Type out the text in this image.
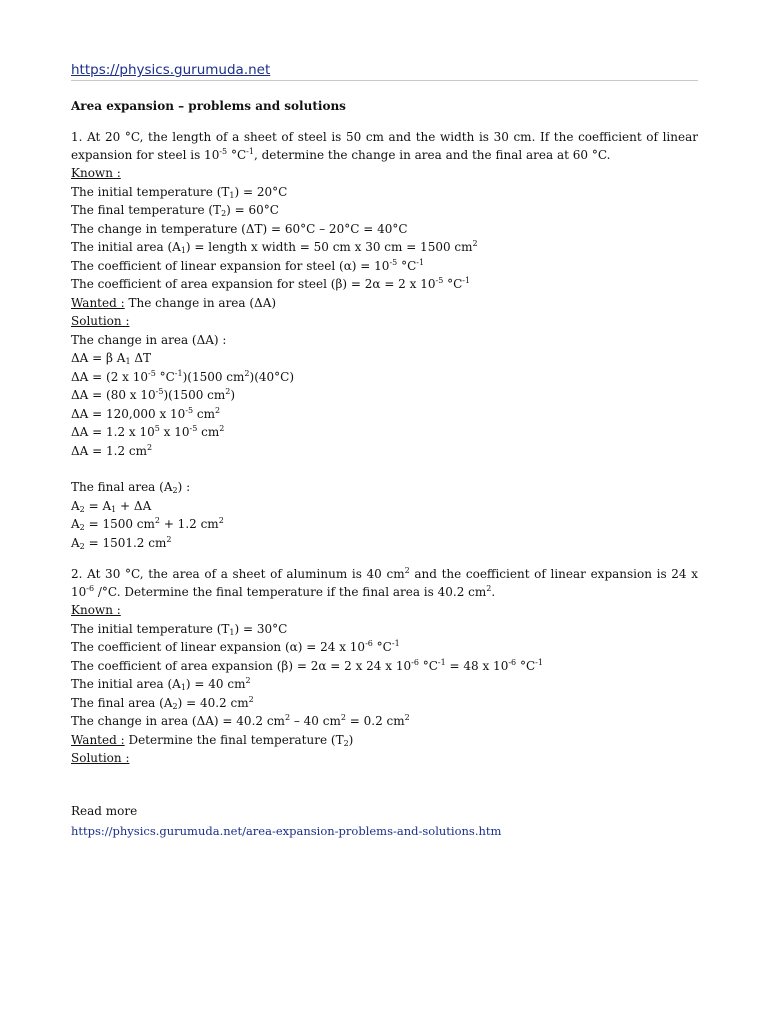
https://physics.gurumuda.net
Area expansion – problems and solutions
1. At 20 °C, the length of a sheet of steel is 50 cm and the width is 30 cm. If the coefficient of linear expansion for steel is $10^{-5}$ $^\circ C^{-1}$, determine the change in area and the final area at 60 °C.
Known :
The initial temperature $(T_1) = 20^\circ C$
The final temperature $(T_2) = 60^\circ C$
The change in temperature (ΔT) = 60°C – 20°C = 40°C
The initial area $(A_1)$ = length x width = 50 cm x 30 cm = 1500 $cm^2$
The coefficient of linear expansion for steel $(\alpha) = 10^{-5}$ $^\circ C^{-1}$
The coefficient of area expansion for steel (β) = 2α = 2 x $10^{-5}$ $^\circ C^{-1}$
Wanted : The change in area (ΔA)
Solution :
The change in area (ΔA) :
ΔA = β $A_1$ ΔT
ΔA = (2 x $10^{-5}$ $^\circ C^{-1})(1500$ $cm^2)(40^\circ C)$
ΔA = (80 x $10^{-5})(1500$ $cm^2$)
ΔA = 120,000 x $10^{-5}$ $cm^2$
ΔA = 1.2 x $10^5$ x $10^{-5}$ $cm^2$
ΔA = 1.2 $cm^2$
The final area $(A_2)$ :
$A_2 = A_1 + \Delta A$
$A_2 = 1500$ $cm^2 + 1.2$ $cm^2$
$A_2 = 1501.2$ $cm^2$
2. At 30 °C, the area of a sheet of aluminum is 40 $cm^2$ and the coefficient of linear expansion is 24 x $10^{-6}$ /°C. Determine the final temperature if the final area is 40.2 $cm^2$.
Known :
The initial temperature $(T_1) = 30^\circ C$
The coefficient of linear expansion (α) = 24 x $10^{-6}$ $^\circ C^{-1}$
The coefficient of area expansion (β) = 2α = 2 x 24 x $10^{-6}$ $^\circ C^{-1} = 48$ x $10^{-6}$ $^\circ C^{-1}$
The initial area $(A_1) = 40$ $cm^2$
The final area $(A_2) = 40.2$ $cm^2$
The change in area (ΔA) = 40.2 $cm^2 - 40$ $cm^2 = 0.2$ $cm^2$
Wanted : Determine the final temperature $(T_2)$
Solution :
Read more
https://physics.gurumuda.net/area-expansion-problems-and-solutions.htm
